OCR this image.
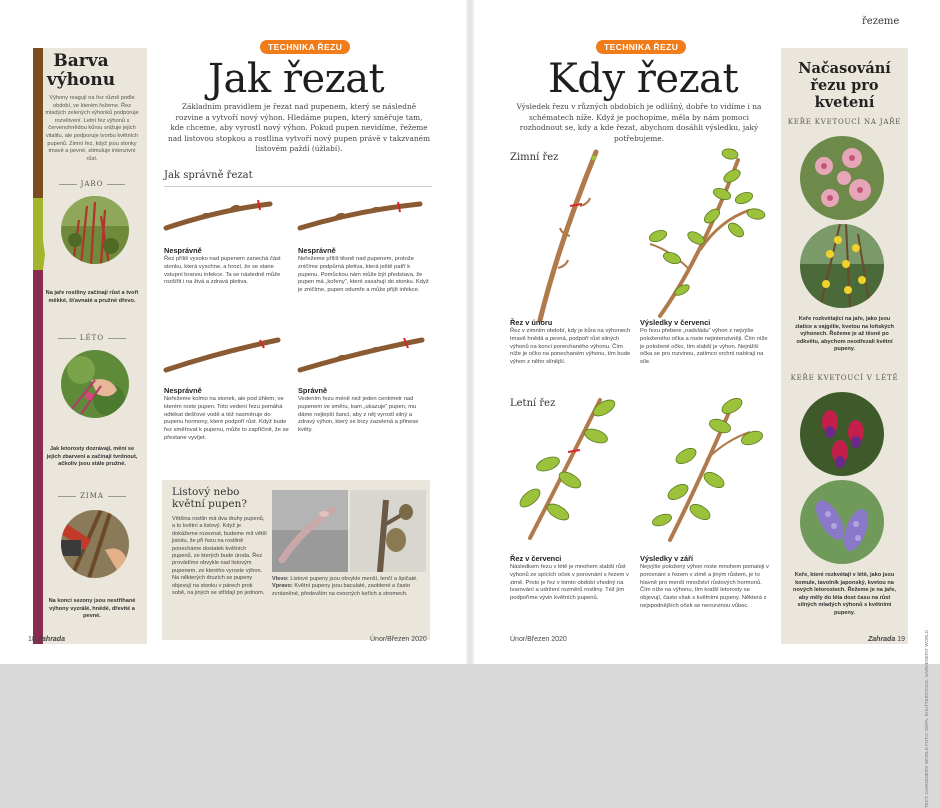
řezeme
Barva výhonu
Výhony reagují na řez různě podle období, ve kterém řežeme. Řez mladých zelených výhonků podporuje rozvětvení. Letní řez výhonů s červenohnědou kůrou snižuje jejich vitalitu, ale podporuje tvorbu květních pupenů. Zimní řez, když jsou stonky tmavé a pevné, stimuluje intenzivní růst.
JARO
Na jaře rostliny začínají růst a tvoří měkké, šťavnaté a pružné dřevo.
LÉTO
Jak letorosty dozrávají, mění se jejich zbarvení a začínají tvrdnout, ačkoliv jsou stále pružné.
ZIMA
Na konci sezony jsou nestřihané výhony vyzrálé, hnědé, dřevité a pevné.
TECHNIKA ŘEZU
Jak řezat
Základním pravidlem je řezat nad pupenem, který se následně rozvine a vytvoří nový výhon. Hledáme pupen, který směřuje tam, kde chceme, aby vyrostl nový výhon. Pokud pupen nevidíme, řežeme nad listovou stopkou a rostlina vytvoří nový pupen právě v takzvaném listovém paždí (úžlabí).
Jak správně řezat
Nesprávně
Řez příliš vysoko nad pupenem zanechá část stonku, která vyschne, a hrozí, že se stane vstupní branou infekce. Ta se následně může rozšířit i na živá a zdravá pletiva.
Nesprávně
Neřežeme příliš těsně nad pupenem, protože zničíme podpůrná pletiva, která ještě patří k pupenu. Pomůckou nám může být představa, že pupen má „kořeny“, které zasahují do stonku. Když je zničíme, pupen odumře a může přijít infekce.
Nesprávně
Neřežeme kolmo na stonek, ale pod úhlem, ve kterém roste pupen. Toto vedení řezu pomáhá odtékat dešťové vodě a též nasměruje do pupenu hormony, které podpoří růst. Když bude řez směřovat k pupenu, může to zapříčinit, že se přestane vyvíjet.
Správně
Vedením řezu méně než jeden centimetr nad pupenem ve směru, kam „ukazuje“ pupen, mu dáme nejlepší šanci, aby z něj vyrostl silný a zdravý výhon, který se brzy zazelená a přinese květy.
Listový nebo květní pupen?
Většina rostlin má dva druhy pupenů, a to květní a listový. Když je dokážeme rozeznat, budeme mít větší jistotu, že při řezu na rostlině ponecháme dostatek květních pupenů, ze kterých bude úroda. Řez provádíme obvykle nad listovým pupenem, ze kterého vyroste výhon. Na některých druzích se pupeny objevují na stonku v párech proti sobě, na jiných se střídají po jednom.
Vlevo: Listové pupeny jsou obvykle menší, tenčí a špičaté.
Vpravo: Květní pupeny jsou baculaté, zaoblené a často zvrásněné, především na ovocných keřích a stromech.
18 Zahrada	Únor/Březen 2020
TECHNIKA ŘEZU
Kdy řezat
Výsledek řezu v různých obdobích je odlišný, dobře to vidíme i na schématech níže. Když je pochopíme, měla by nám pomoci rozhodnout se, kdy a kde řezat, abychom dosáhli výsledku, jaký potřebujeme.
Zimní řez
Letní řez
Řez v únoru
Řez v zimním období, kdy je kůra na výhonech tmavě hnědá a pevná, podpoří růst silných výhonů na konci ponechaného výhonu. Čím níže je očko na ponechaném výhonu, tím bude výhon z něho silnější.
Výsledky v červenci
Po řezu přebere „nadvládu“ výhon z nejvýše položeného očka a roste nejintenzivněji. Čím níže je položené očko, tím slabší je výhon. Nejnižší očka se pro rozvinou, zatímco vrchní nabírají na síle.
Řez v červenci
Následkem řezu v létě je mnohem slabší růst výhonů ze spících oček v porovnání s řezem v zimě. Proto je řez v tomto období vhodný na tvarování a udržení rozměrů rostliny. Též jím podpoříme vývin květních pupenů.
Výsledky v září
Nejvýše položený výhon roste mnohem pomaleji v porovnání s řezem v zimě a jiným růstem, je to hlavně pro menší množství růstových hormonů. Čím níže na výhonu, tím kratší letorosty se objevují, často však s květními pupeny. Některá z nejspodnějších oček se nerozvinou vůbec.
Načasování řezu pro kvetení
KEŘE KVETOUCÍ NA JAŘE
Keře rozkvétající na jaře, jako jsou zlatice a vajgélie, kvetou na loňských výhonech. Řežeme je až těsně po odkvětu, abychom neodřezali květní pupeny.
KEŘE KVETOUCÍ V LÉTĚ
Keře, které rozkvétají v létě, jako jsou komule, tavolník japonský, kvetou na nových letorostech. Řežeme je na jaře, aby měly do léta dost času na růst silných mladých výhonů s květními pupeny.
Únor/Březen 2020	Zahrada 19	TEXT: GARDENERS' WORLD FOTO: DEPA, SHUTTERSTOCK, GARDENERS' WORLD
